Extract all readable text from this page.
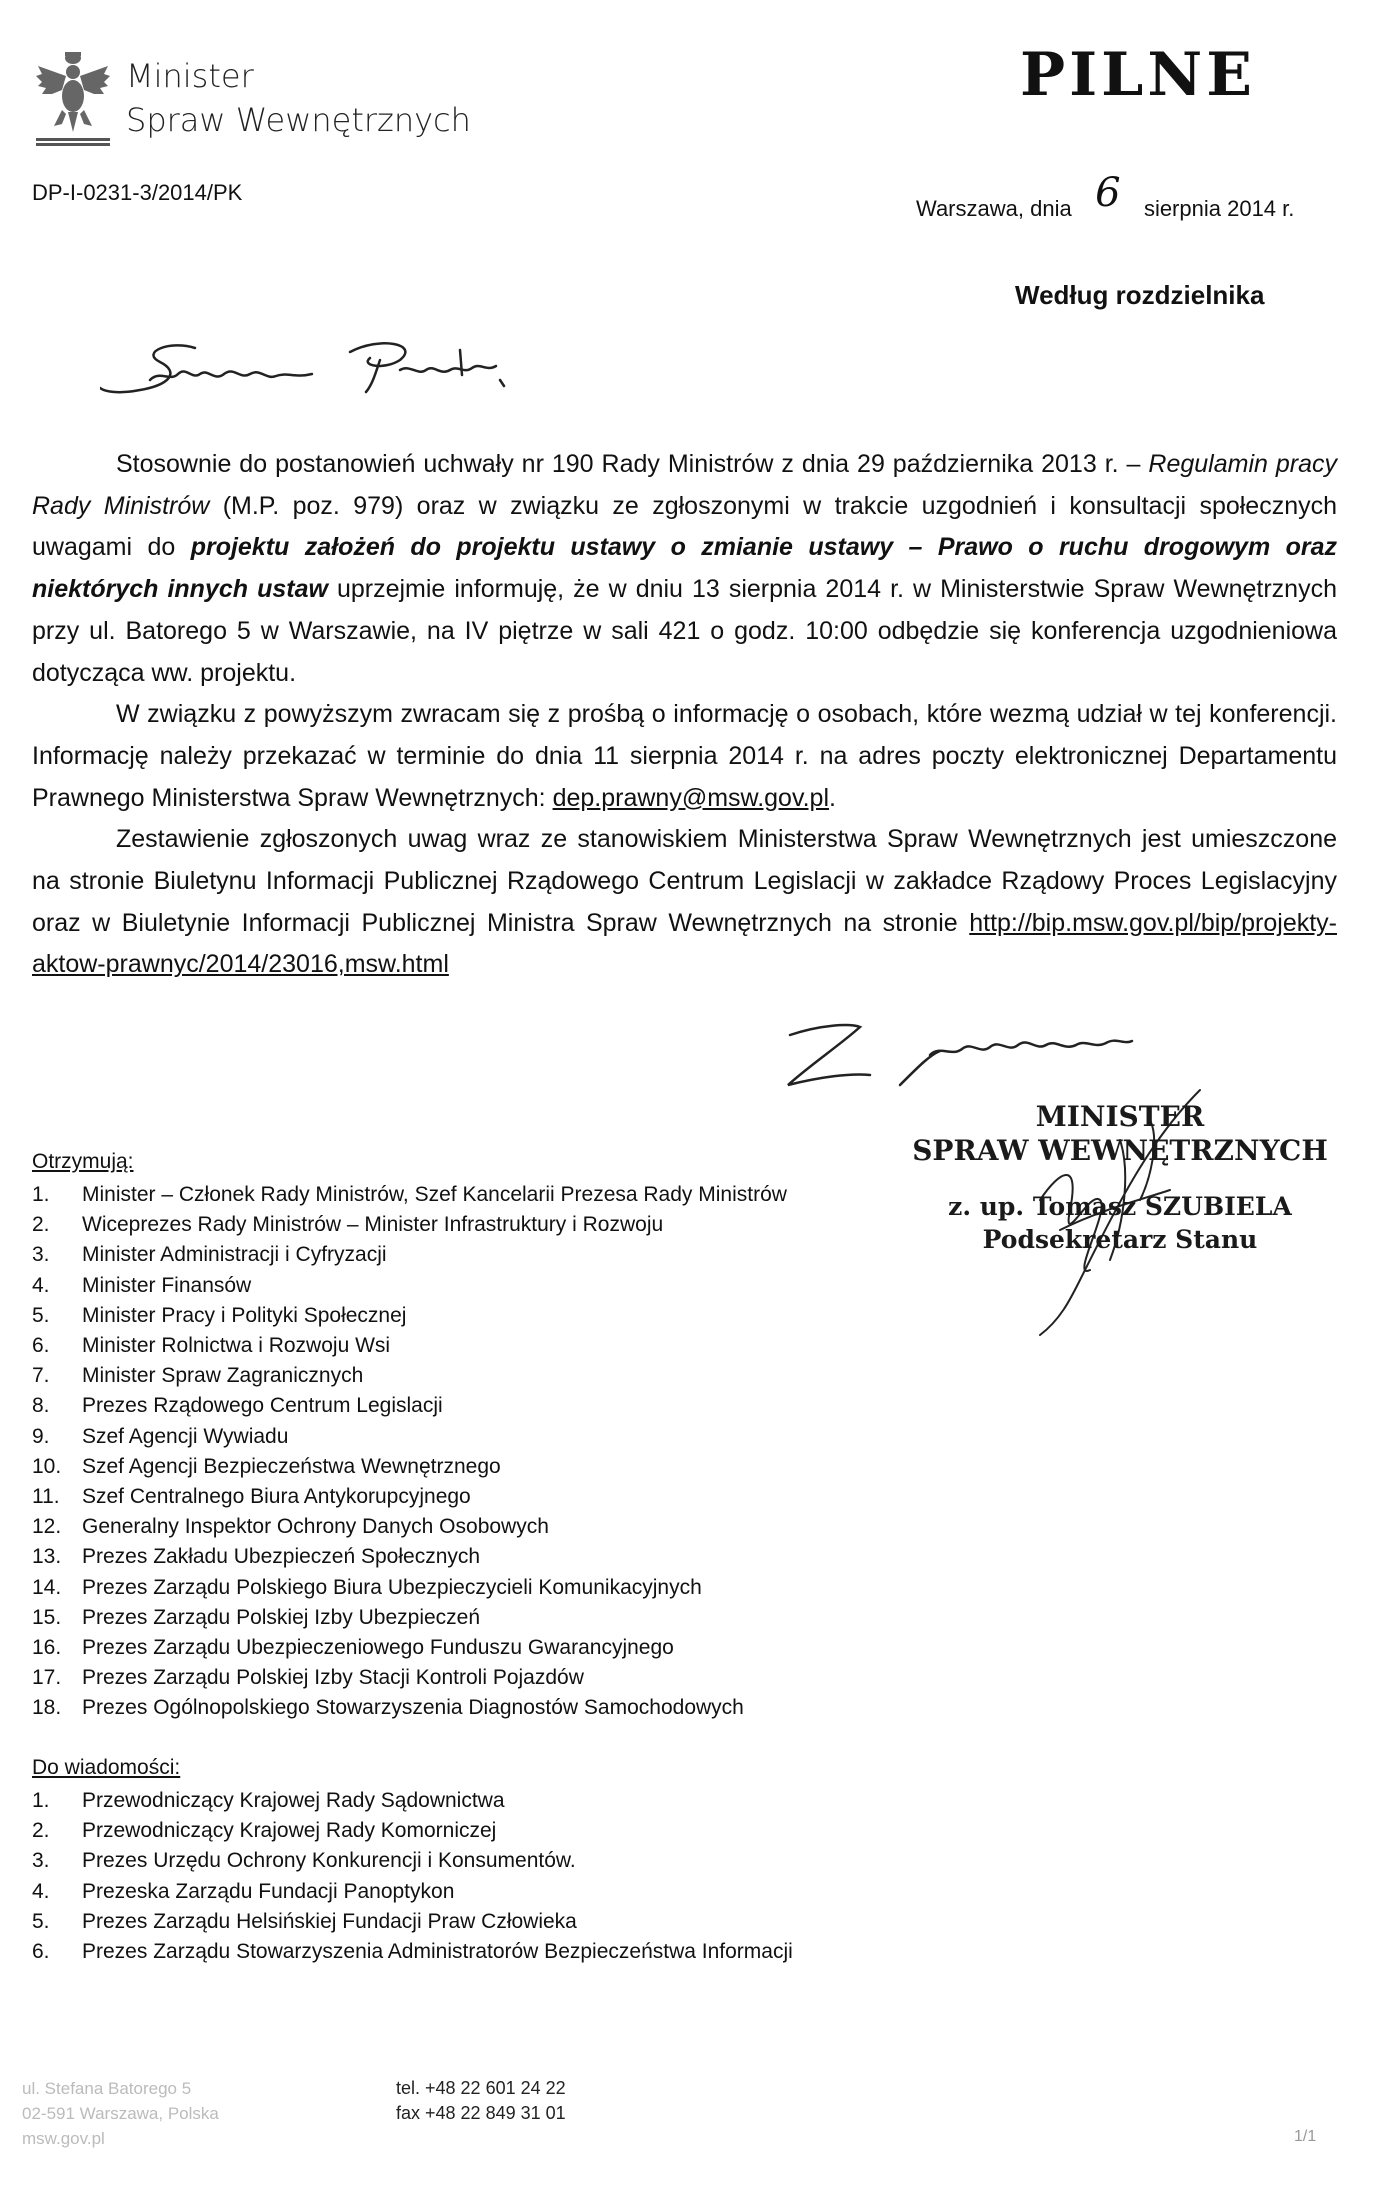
Minister
Spraw Wewnętrznych
PILNE
DP-I-0231-3/2014/PK
Warszawa, dnia 6 sierpnia 2014 r.
Według rozdzielnika

Stosownie do postanowień uchwały nr 190 Rady Ministrów z dnia 29 października 2013 r. – Regulamin pracy Rady Ministrów (M.P. poz. 979) oraz w związku ze zgłoszonymi w trakcie uzgodnień i konsultacji społecznych uwagami do projektu założeń do projektu ustawy o zmianie ustawy – Prawo o ruchu drogowym oraz niektórych innych ustaw uprzejmie informuję, że w dniu 13 sierpnia 2014 r. w Ministerstwie Spraw Wewnętrznych przy ul. Batorego 5 w Warszawie, na IV piętrze w sali 421 o godz. 10:00 odbędzie się konferencja uzgodnieniowa dotycząca ww. projektu.

W związku z powyższym zwracam się z prośbą o informację o osobach, które wezmą udział w tej konferencji. Informację należy przekazać w terminie do dnia 11 sierpnia 2014 r. na adres poczty elektronicznej Departamentu Prawnego Ministerstwa Spraw Wewnętrznych: dep.prawny@msw.gov.pl.

Zestawienie zgłoszonych uwag wraz ze stanowiskiem Ministerstwa Spraw Wewnętrznych jest umieszczone na stronie Biuletynu Informacji Publicznej Rządowego Centrum Legislacji w zakładce Rządowy Proces Legislacyjny oraz w Biuletynie Informacji Publicznej Ministra Spraw Wewnętrznych na stronie http://bip.msw.gov.pl/bip/projekty-aktow-prawnyc/2014/23016,msw.html

MINISTER
SPRAW WEWNĘTRZNYCH
z. up. Tomasz SZUBIELA
Podsekretarz Stanu
Otrzymują:
1.	Minister – Członek Rady Ministrów, Szef Kancelarii Prezesa Rady Ministrów
2.	Wiceprezes Rady Ministrów – Minister Infrastruktury i Rozwoju
3.	Minister Administracji i Cyfryzacji
4.	Minister Finansów
5.	Minister Pracy i Polityki Społecznej
6.	Minister Rolnictwa i Rozwoju Wsi
7.	Minister Spraw Zagranicznych
8.	Prezes Rządowego Centrum Legislacji
9.	Szef Agencji Wywiadu
10. Szef Agencji Bezpieczeństwa Wewnętrznego
11.	Szef Centralnego Biura Antykorupcyjnego
12. Generalny Inspektor Ochrony Danych Osobowych
13. Prezes Zakładu Ubezpieczeń Społecznych
14. Prezes Zarządu Polskiego Biura Ubezpieczycieli Komunikacyjnych
15. Prezes Zarządu Polskiej Izby Ubezpieczeń
16. Prezes Zarządu Ubezpieczeniowego Funduszu Gwarancyjnego
17. Prezes Zarządu Polskiej Izby Stacji Kontroli Pojazdów
18. Prezes Ogólnopolskiego Stowarzyszenia Diagnostów Samochodowych
Do wiadomości:
1.	Przewodniczący Krajowej Rady Sądownictwa
2.	Przewodniczący Krajowej Rady Komorniczej
3.	Prezes Urzędu Ochrony Konkurencji i Konsumentów.
4.	Prezeska Zarządu Fundacji Panoptykon
5.	Prezes Zarządu Helsińskiej Fundacji Praw Człowieka
6.	Prezes Zarządu Stowarzyszenia Administratorów Bezpieczeństwa Informacji
ul. Stefana Batorego 5
02-591 Warszawa, Polska
msw.gov.pl
tel. +48 22 601 24 22
fax +48 22 849 31 01
1/1
